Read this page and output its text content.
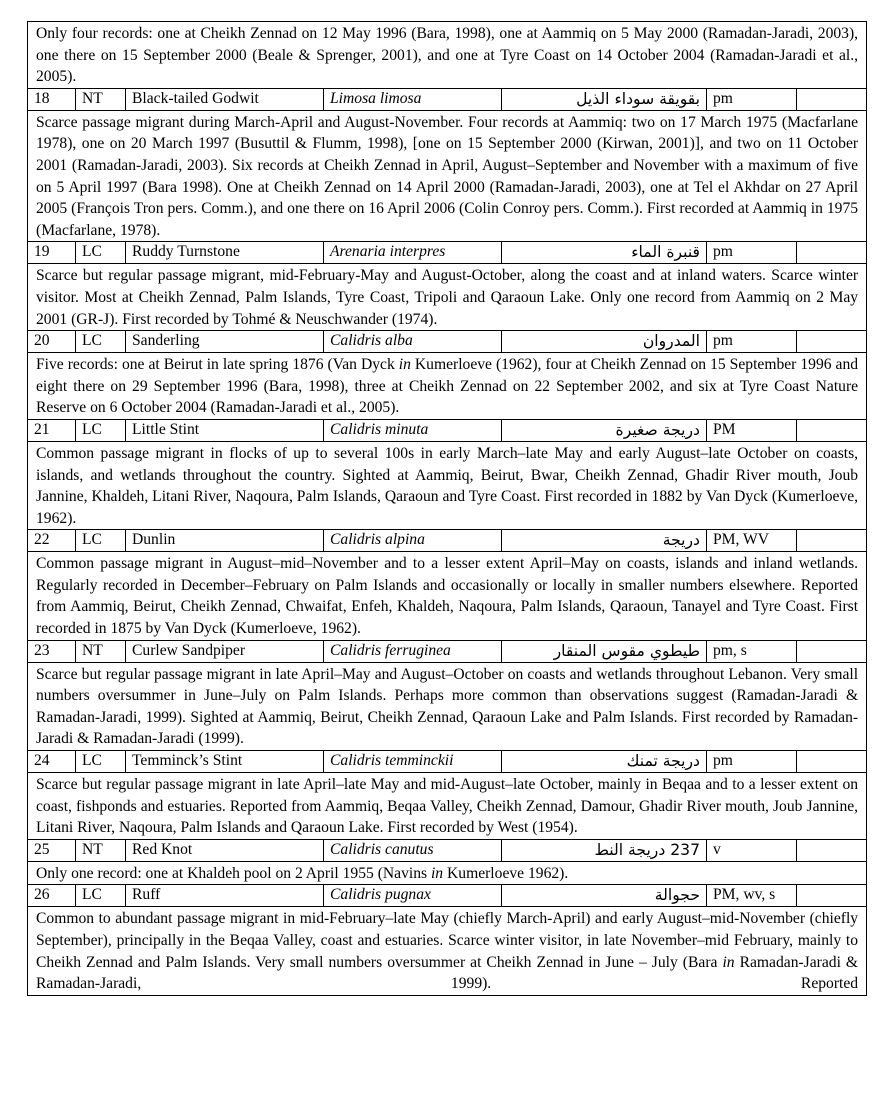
Only four records: one at Cheikh Zennad on 12 May 1996 (Bara, 1998), one at Aammiq on 5 May 2000 (Ramadan-Jaradi, 2003), one there on 15 September 2000 (Beale & Sprenger, 2001), and one at Tyre Coast on 14 October 2004 (Ramadan-Jaradi et al., 2005).						
18	NT	Black-tailed Godwit	Limosa limosa	بقويقة سوداء الذيل	pm	
Scarce passage migrant during March-April and August-November. Four records at Aammiq: two on 17 March 1975 (Macfarlane 1978), one on 20 March 1997 (Busuttil & Flumm, 1998), [one on 15 September 2000 (Kirwan, 2001)], and two on 11 October 2001 (Ramadan-Jaradi, 2003). Six records at Cheikh Zennad in April, August–September and November with a maximum of five on 5 April 1997 (Bara 1998). One at Cheikh Zennad on 14 April 2000 (Ramadan-Jaradi, 2003), one at Tel el Akhdar on 27 April 2005 (François Tron pers. Comm.), and one there on 16 April 2006 (Colin Conroy pers. Comm.). First recorded at Aammiq in 1975 (Macfarlane, 1978).						
19	LC	Ruddy Turnstone	Arenaria interpres	قنبرة الماء	pm	
Scarce but regular passage migrant, mid-February-May and August-October, along the coast and at inland waters. Scarce winter visitor. Most at Cheikh Zennad, Palm Islands, Tyre Coast, Tripoli and Qaraoun Lake. Only one record from Aammiq on 2 May 2001 (GR-J). First recorded by Tohmé & Neuschwander (1974).						
20	LC	Sanderling	Calidris alba	المدروان	pm	
Five records: one at Beirut in late spring 1876 (Van Dyck in Kumerloeve (1962), four at Cheikh Zennad on 15 September 1996 and eight there on 29 September 1996 (Bara, 1998), three at Cheikh Zennad on 22 September 2002, and six at Tyre Coast Nature Reserve on 6 October 2004 (Ramadan-Jaradi et al., 2005).						
21	LC	Little Stint	Calidris minuta	دريجة صغيرة	PM	
Common passage migrant in flocks of up to several 100s in early March–late May and early August–late October on coasts, islands, and wetlands throughout the country. Sighted at Aammiq, Beirut, Bwar, Cheikh Zennad, Ghadir River mouth, Joub Jannine, Khaldeh, Litani River, Naqoura, Palm Islands, Qaraoun and Tyre Coast. First recorded in 1882 by Van Dyck (Kumerloeve, 1962).						
22	LC	Dunlin	Calidris alpina	دريجة	PM, WV	
Common passage migrant in August–mid–November and to a lesser extent April–May on coasts, islands and inland wetlands. Regularly recorded in December–February on Palm Islands and occasionally or locally in smaller numbers elsewhere. Reported from Aammiq, Beirut, Cheikh Zennad, Chwaifat, Enfeh, Khaldeh, Naqoura, Palm Islands, Qaraoun, Tanayel and Tyre Coast. First recorded in 1875 by Van Dyck (Kumerloeve, 1962).						
23	NT	Curlew Sandpiper	Calidris ferruginea	طيطوي مقوس المنقار	pm, s	
Scarce but regular passage migrant in late April–May and August–October on coasts and wetlands throughout Lebanon. Very small numbers oversummer in June–July on Palm Islands. Perhaps more common than observations suggest (Ramadan-Jaradi & Ramadan-Jaradi, 1999). Sighted at Aammiq, Beirut, Cheikh Zennad, Qaraoun Lake and Palm Islands. First recorded by Ramadan-Jaradi & Ramadan-Jaradi (1999).						
24	LC	Temminck’s Stint	Calidris temminckii	دريجة تمنك	pm	
Scarce but regular passage migrant in late April–late May and mid-August–late October, mainly in Beqaa and to a lesser extent on coast, fishponds and estuaries. Reported from Aammiq, Beqaa Valley, Cheikh Zennad, Damour, Ghadir River mouth, Joub Jannine, Litani River, Naqoura, Palm Islands and Qaraoun Lake. First recorded by West (1954).						
25	NT	Red Knot	Calidris canutus	237 دريجة النط	v	
Only one record: one at Khaldeh pool on 2 April 1955 (Navins in Kumerloeve 1962).						
26	LC	Ruff	Calidris pugnax	حجوالة	PM, wv, s	
Common to abundant passage migrant in mid-February–late May (chiefly March-April) and early August–mid-November (chiefly September), principally in the Beqaa Valley, coast and estuaries. Scarce winter visitor, in late November–mid February, mainly to Cheikh Zennad and Palm Islands. Very small numbers oversummer at Cheikh Zennad in June – July (Bara in Ramadan-Jaradi & Ramadan-Jaradi, 1999). Reported						
